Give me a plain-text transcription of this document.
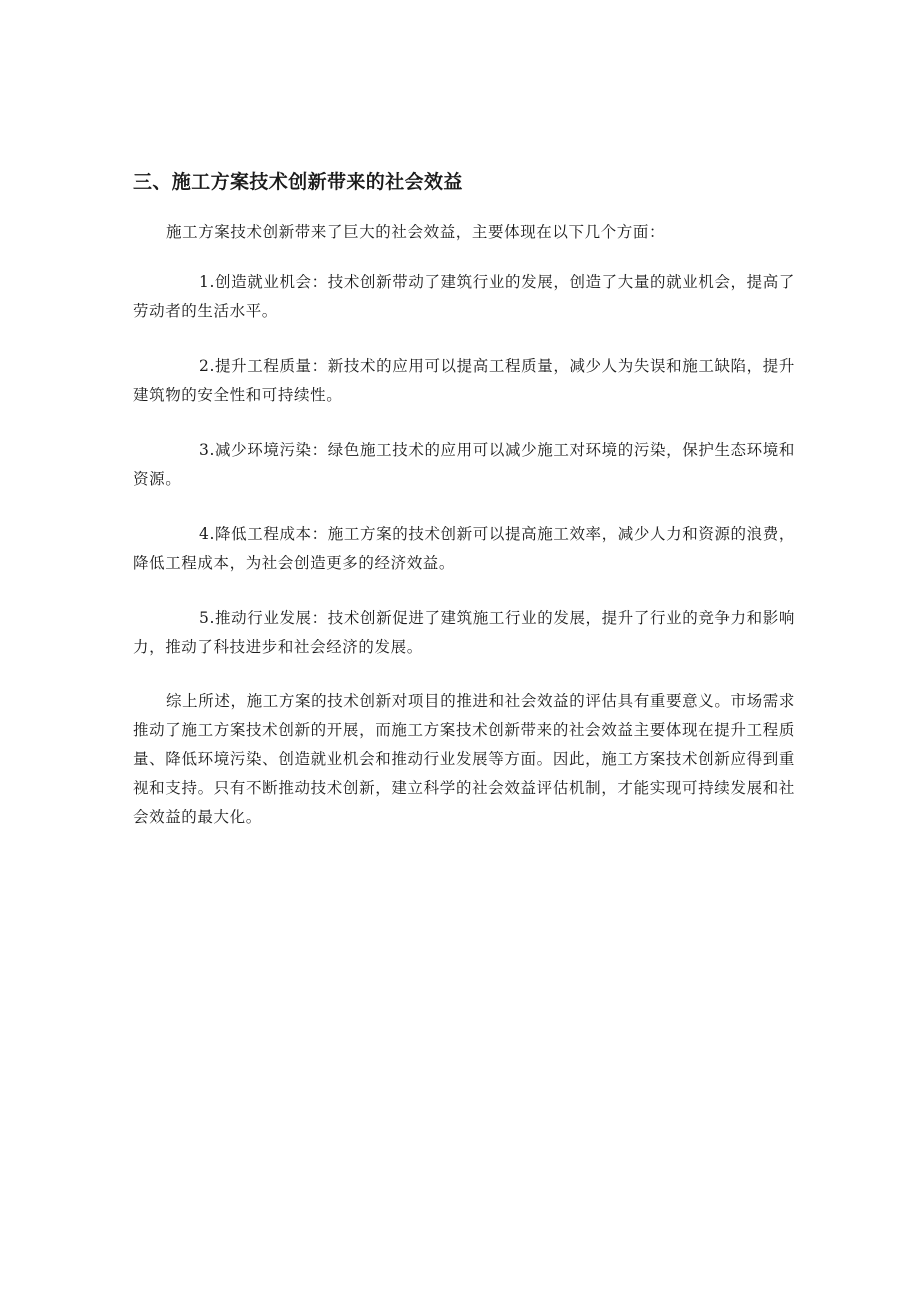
三、施工方案技术创新带来的社会效益

施工方案技术创新带来了巨大的社会效益，主要体现在以下几个方面：

1.创造就业机会：技术创新带动了建筑行业的发展，创造了大量的就业机会，提高了劳动者的生活水平。

2.提升工程质量：新技术的应用可以提高工程质量，减少人为失误和施工缺陷，提升建筑物的安全性和可持续性。

3.减少环境污染：绿色施工技术的应用可以减少施工对环境的污染，保护生态环境和资源。

4.降低工程成本：施工方案的技术创新可以提高施工效率，减少人力和资源的浪费，降低工程成本，为社会创造更多的经济效益。

5.推动行业发展：技术创新促进了建筑施工行业的发展，提升了行业的竞争力和影响力，推动了科技进步和社会经济的发展。

综上所述，施工方案的技术创新对项目的推进和社会效益的评估具有重要意义。市场需求推动了施工方案技术创新的开展，而施工方案技术创新带来的社会效益主要体现在提升工程质量、降低环境污染、创造就业机会和推动行业发展等方面。因此，施工方案技术创新应得到重视和支持。只有不断推动技术创新，建立科学的社会效益评估机制，才能实现可持续发展和社会效益的最大化。
